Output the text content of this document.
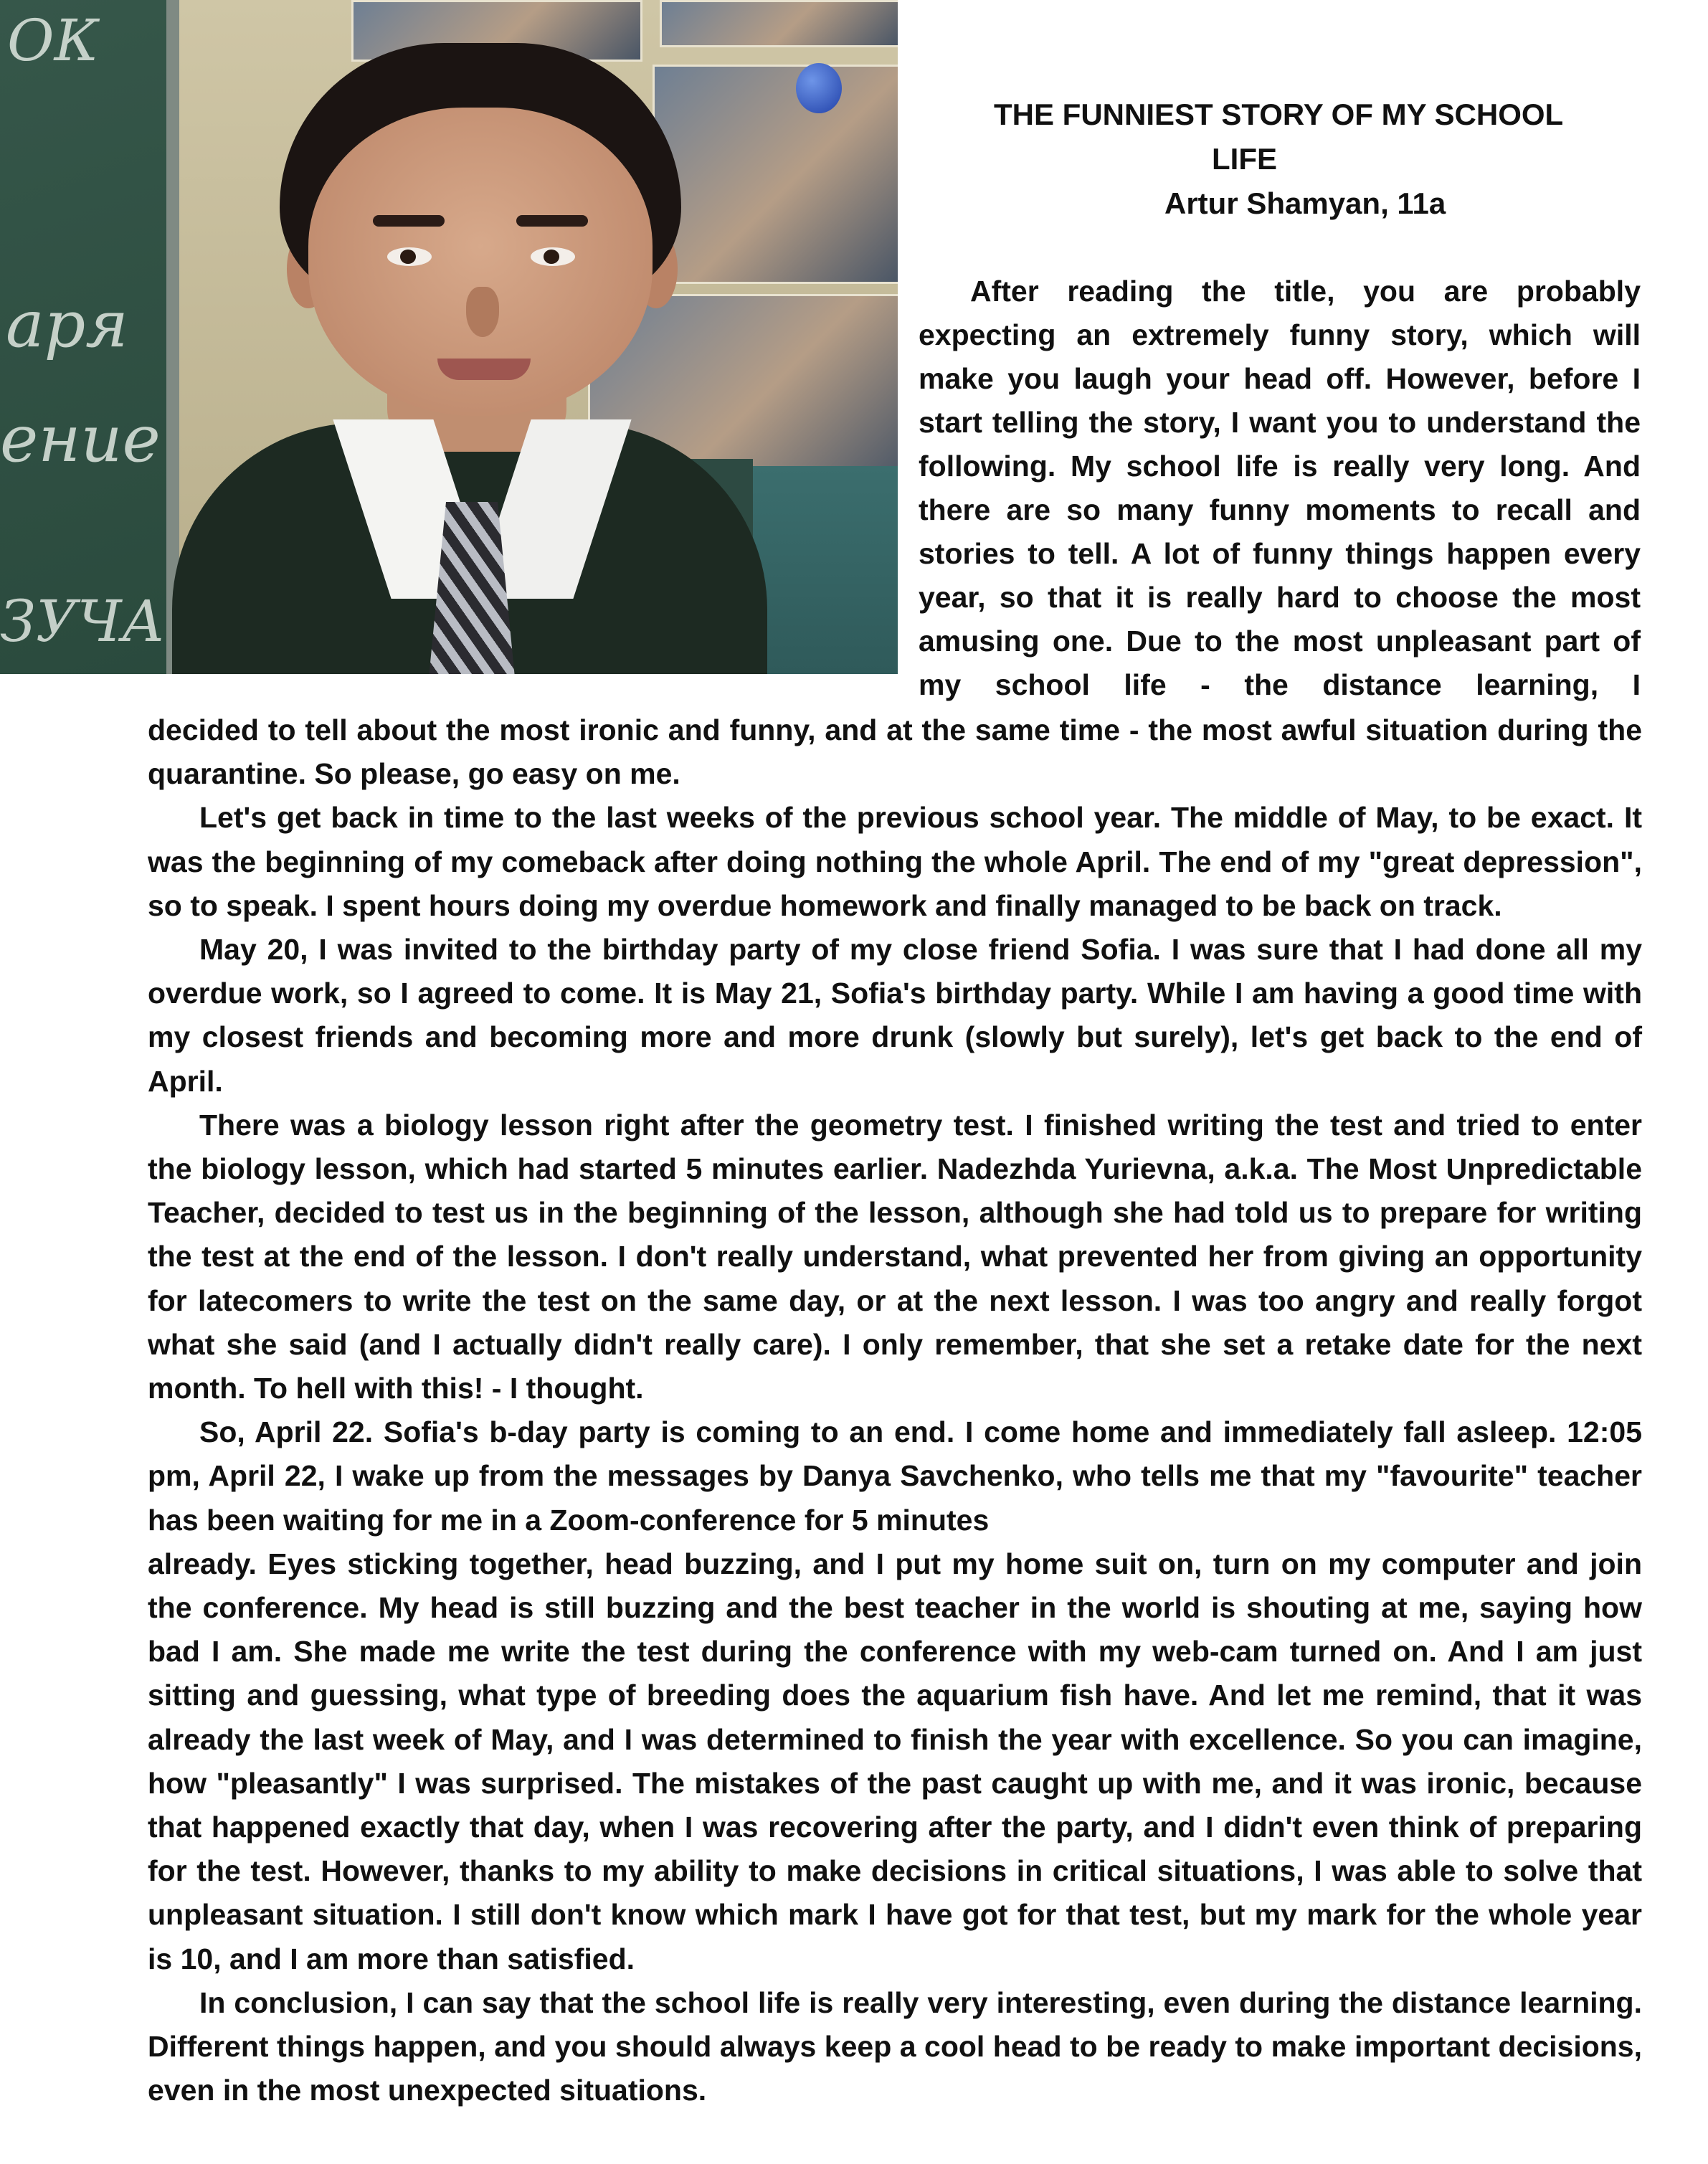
ОК
аря
ение
ЗУЧА
THE FUNNIEST STORY OF MY SCHOOL
LIFE
Artur Shamyan, 11a

After reading the title, you are probably expecting an extremely funny story, which will make you laugh your head off. However, before I start telling the story, I want you to understand the following. My school life is really very long. And there are so many funny moments to recall and stories to tell. A lot of funny things happen every year, so that it is really hard to choose the most amusing one. Due to the most unpleasant part of my school life - the distance learning, I

decided to tell about the most ironic and funny, and at the same time - the most awful situation during the quarantine. So please, go easy on me.

Let's get back in time to the last weeks of the previous school year. The middle of May, to be exact. It was the beginning of my comeback after doing nothing the whole April. The end of my "great depression", so to speak. I spent hours doing my overdue homework and finally managed to be back on track.

May 20, I was invited to the birthday party of my close friend Sofia. I was sure that I had done all my overdue work, so I agreed to come. It is May 21, Sofia's birthday party. While I am having a good time with my closest friends and becoming more and more drunk (slowly but surely), let's get back to the end of April.

There was a biology lesson right after the geometry test. I finished writing the test and tried to enter the biology lesson, which had started 5 minutes earlier. Nadezhda Yurievna, a.k.a. The Most Unpredictable Teacher, decided to test us in the beginning of the lesson, although she had told us to prepare for writing the test at the end of the lesson. I don't really understand, what prevented her from giving an opportunity for latecomers to write the test on the same day, or at the next lesson. I was too angry and really forgot what she said (and I actually didn't really care). I only remember, that she set a retake date for the next month. To hell with this! - I thought.

So, April 22. Sofia's b-day party is coming to an end. I come home and immediately fall asleep. 12:05 pm, April 22, I wake up from the messages by Danya Savchenko, who tells me that my "favourite" teacher has been waiting for me in a Zoom-conference for 5 minutes

already. Eyes sticking together, head buzzing, and I put my home suit on, turn on my computer and join the conference. My head is still buzzing and the best teacher in the world is shouting at me, saying how bad I am. She made me write the test during the conference with my web-cam turned on. And I am just sitting and guessing, what type of breeding does the aquarium fish have. And let me remind, that it was already the last week of May, and I was determined to finish the year with excellence. So you can imagine, how "pleasantly" I was surprised. The mistakes of the past caught up with me, and it was ironic, because that happened exactly that day, when I was recovering after the party, and I didn't even think of preparing for the test. However, thanks to my ability to make decisions in critical situations, I was able to solve that unpleasant situation. I still don't know which mark I have got for that test, but my mark for the whole year is 10, and I am more than satisfied.

In conclusion, I can say that the school life is really very interesting, even during the distance learning. Different things happen, and you should always keep a cool head to be ready to make important decisions, even in the most unexpected situations.
